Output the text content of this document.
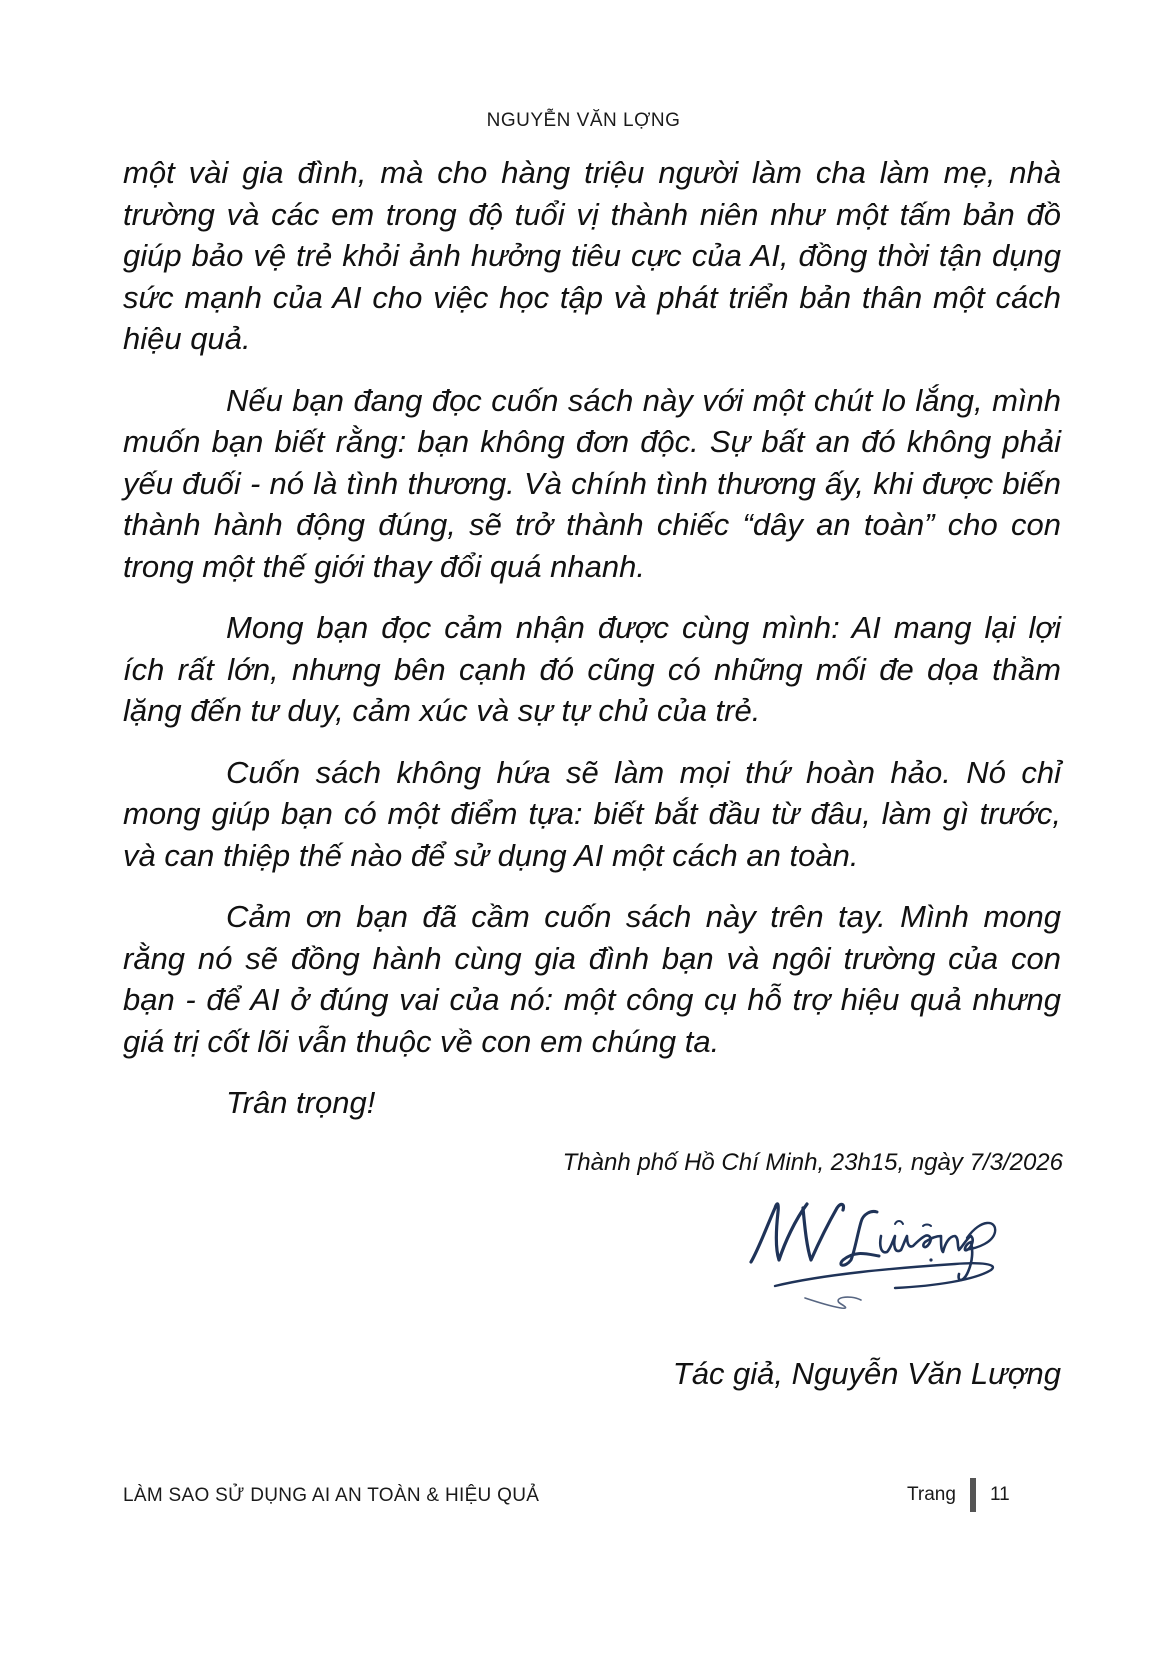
NGUYỄN VĂN LỢNG

một vài gia đình, mà cho hàng triệu người làm cha làm mẹ, nhà trường và các em trong độ tuổi vị thành niên như một tấm bản đồ giúp bảo vệ trẻ khỏi ảnh hưởng tiêu cực của AI, đồng thời tận dụng sức mạnh của AI cho việc học tập và phát triển bản thân một cách hiệu quả.

Nếu bạn đang đọc cuốn sách này với một chút lo lắng, mình muốn bạn biết rằng: bạn không đơn độc. Sự bất an đó không phải yếu đuối - nó là tình thương. Và chính tình thương ấy, khi được biến thành hành động đúng, sẽ trở thành chiếc “dây an toàn” cho con trong một thế giới thay đổi quá nhanh.

Mong bạn đọc cảm nhận được cùng mình: AI mang lại lợi ích rất lớn, nhưng bên cạnh đó cũng có những mối đe dọa thầm lặng đến tư duy, cảm xúc và sự tự chủ của trẻ.

Cuốn sách không hứa sẽ làm mọi thứ hoàn hảo. Nó chỉ mong giúp bạn có một điểm tựa: biết bắt đầu từ đâu, làm gì trước, và can thiệp thế nào để sử dụng AI một cách an toàn.

Cảm ơn bạn đã cầm cuốn sách này trên tay. Mình mong rằng nó sẽ đồng hành cùng gia đình bạn và ngôi trường của con bạn - để AI ở đúng vai của nó: một công cụ hỗ trợ hiệu quả nhưng giá trị cốt lõi vẫn thuộc về con em chúng ta.

Trân trọng!

Thành phố Hồ Chí Minh, 23h15, ngày 7/3/2026
Tác giả, Nguyễn Văn Lượng
LÀM SAO SỬ DỤNG AI AN TOÀN & HIỆU QUẢ	Trang 11
